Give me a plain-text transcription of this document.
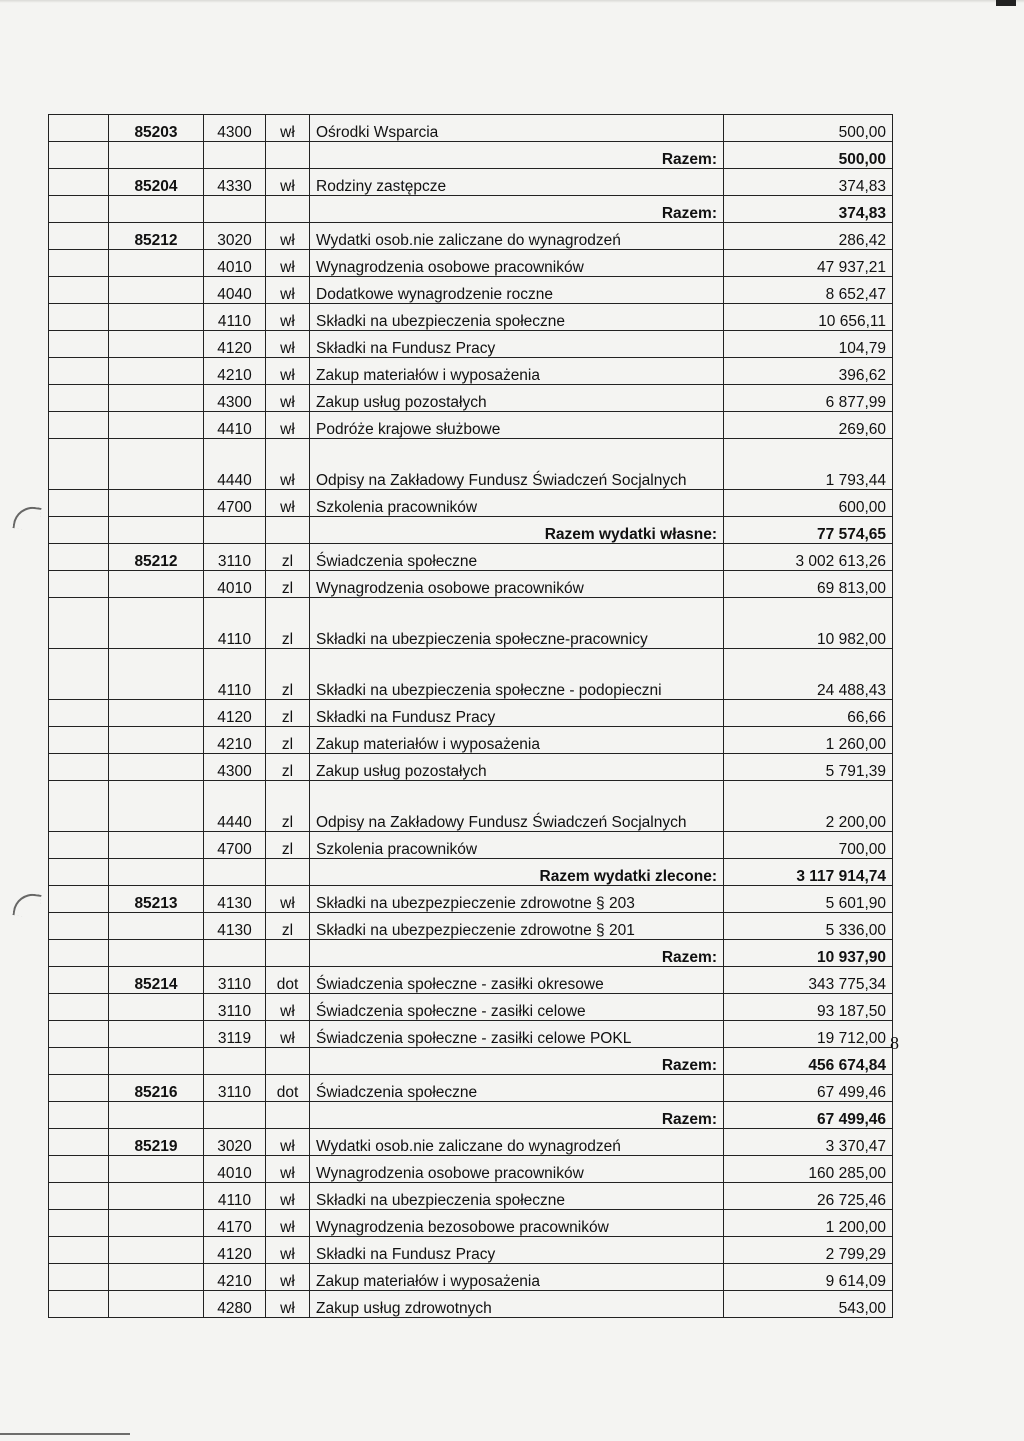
	85203	4300	wł	Ośrodki Wsparcia	500,00
				Razem:	500,00
	85204	4330	wł	Rodziny zastępcze	374,83
				Razem:	374,83
	85212	3020	wł	Wydatki osob.nie zaliczane do wynagrodzeń	286,42
		4010	wł	Wynagrodzenia osobowe pracowników	47 937,21
		4040	wł	Dodatkowe wynagrodzenie roczne	8 652,47
		4110	wł	Składki na ubezpieczenia społeczne	10 656,11
		4120	wł	Składki na Fundusz Pracy	104,79
		4210	wł	Zakup materiałów i wyposażenia	396,62
		4300	wł	Zakup usług pozostałych	6 877,99
		4410	wł	Podróże krajowe służbowe	269,60
		4440	wł	Odpisy na Zakładowy Fundusz Świadczeń Socjalnych	1 793,44
		4700	wł	Szkolenia pracowników	600,00
				Razem wydatki własne:	77 574,65
	85212	3110	zl	Świadczenia społeczne	3 002 613,26
		4010	zl	Wynagrodzenia osobowe pracowników	69 813,00
		4110	zl	Składki na ubezpieczenia społeczne-pracownicy	10 982,00
		4110	zl	Składki na ubezpieczenia społeczne - podopieczni	24 488,43
		4120	zl	Składki na Fundusz Pracy	66,66
		4210	zl	Zakup materiałów i wyposażenia	1 260,00
		4300	zl	Zakup usług pozostałych	5 791,39
		4440	zl	Odpisy na Zakładowy Fundusz Świadczeń Socjalnych	2 200,00
		4700	zl	Szkolenia pracowników	700,00
				Razem wydatki zlecone:	3 117 914,74
	85213	4130	wł	Składki na ubezpezpieczenie zdrowotne § 203	5 601,90
		4130	zl	Składki na ubezpezpieczenie zdrowotne § 201	5 336,00
				Razem:	10 937,90
	85214	3110	dot	Świadczenia społeczne - zasiłki okresowe	343 775,34
		3110	wł	Świadczenia społeczne - zasiłki celowe	93 187,50
		3119	wł	Świadczenia społeczne - zasiłki celowe POKL	19 712,00
				Razem:	456 674,84
	85216	3110	dot	Świadczenia społeczne	67 499,46
				Razem:	67 499,46
	85219	3020	wł	Wydatki osob.nie zaliczane do wynagrodzeń	3 370,47
		4010	wł	Wynagrodzenia osobowe pracowników	160 285,00
		4110	wł	Składki na ubezpieczenia społeczne	26 725,46
		4170	wł	Wynagrodzenia bezosobowe pracowników	1 200,00
		4120	wł	Składki na Fundusz Pracy	2 799,29
		4210	wł	Zakup materiałów i wyposażenia	9 614,09
		4280	wł	Zakup usług zdrowotnych	543,00
8
